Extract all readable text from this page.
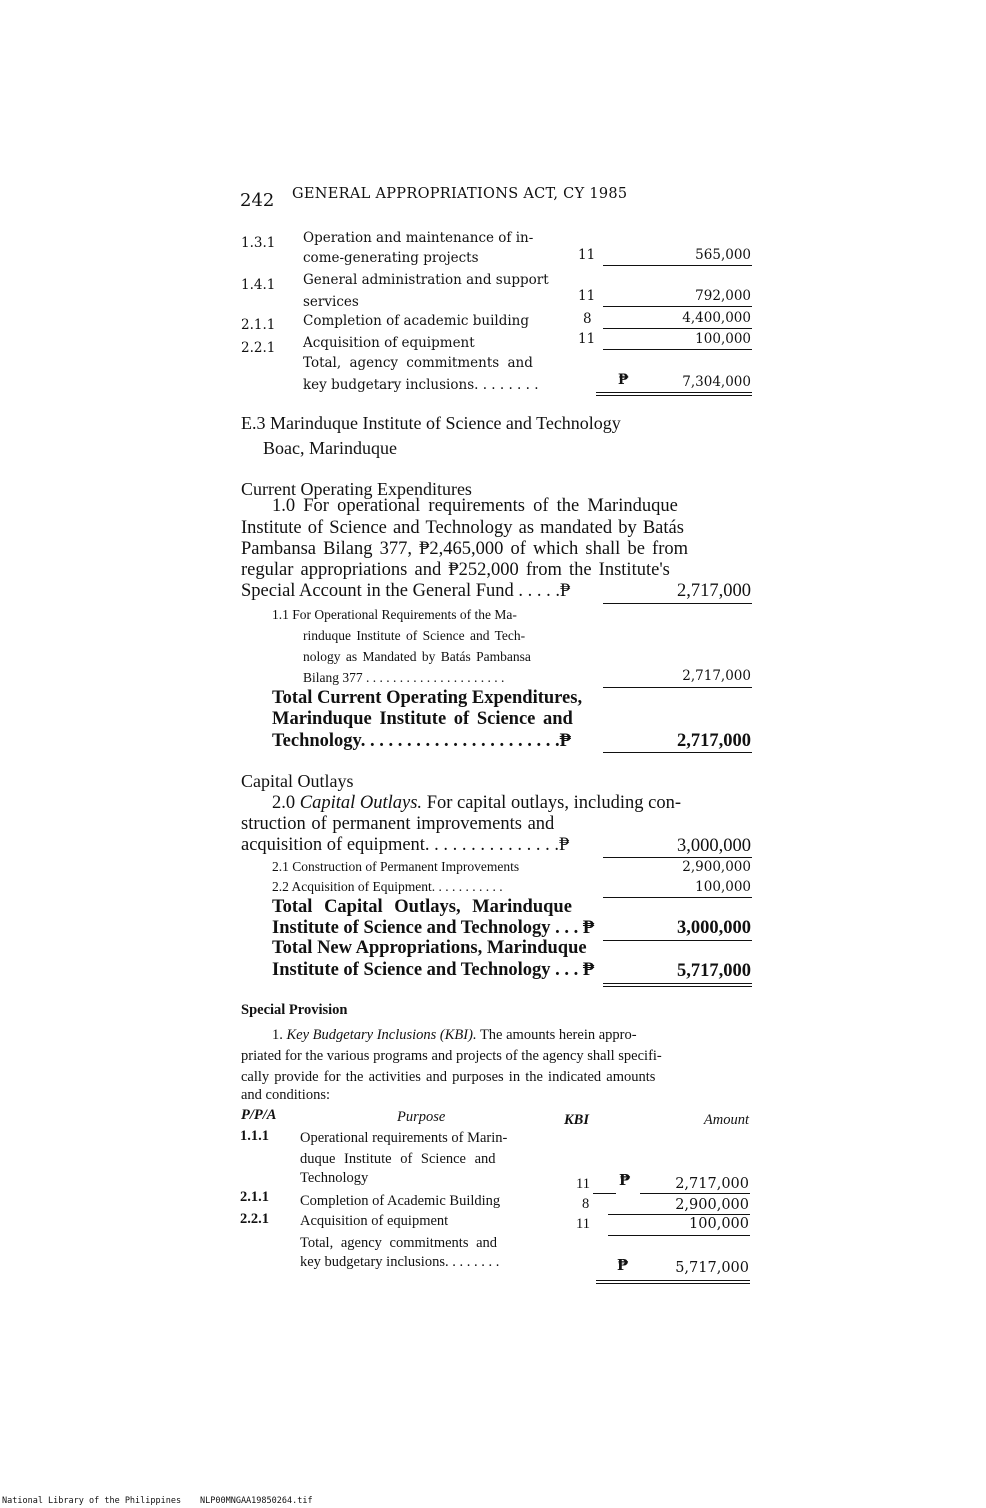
242 GENERAL APPROPRIATIONS ACT, CY 1985
1.3.1 Operation and maintenance of in-
come-generating projects	11	565,000
1.4.1 General administration and support
services	11	792,000
2.1.1 Completion of academic building	8	4,400,000
2.2.1 Acquisition of equipment	11	100,000
Total, agency commitments and
key budgetary inclusions. . . . . . . .	₱	7,304,000
E.3 Marinduque Institute of Science and Technology
Boac, Marinduque
Current Operating Expenditures
1.0 For operational requirements of the Marinduque
Institute of Science and Technology as mandated by Batás
Pambansa Bilang 377, ₱2,465,000 of which shall be from
regular appropriations and ₱252,000 from the Institute's
Special Account in the General Fund . . . . .₱	2,717,000
1.1 For Operational Requirements of the Ma-
rinduque Institute of Science and Tech-
nology as Mandated by Batás Pambansa
Bilang 377 . . . . . . . . . . . . . . . . . . . . .	2,717,000
Total Current Operating Expenditures,
Marinduque Institute of Science and
Technology. . . . . . . . . . . . . . . . . . . . . .₱	2,717,000
Capital Outlays
2.0 Capital Outlays. For capital outlays, including con-
struction of permanent improvements and
acquisition of equipment. . . . . . . . . . . . . . .₱	3,000,000
2.1 Construction of Permanent Improvements	2,900,000
2.2 Acquisition of Equipment. . . . . . . . . . .	100,000
Total Capital Outlays, Marinduque
Institute of Science and Technology . . . ₱	3,000,000
Total New Appropriations, Marinduque
Institute of Science and Technology . . . ₱	5,717,000
Special Provision
1. Key Budgetary Inclusions (KBI). The amounts herein appro-
priated for the various programs and projects of the agency shall specifi-
cally provide for the activities and purposes in the indicated amounts
and conditions:
P/P/A	Purpose	KBI	Amount
1.1.1 Operational requirements of Marin-
duque Institute of Science and
Technology	11 ₱	2,717,000
2.1.1 Completion of Academic Building	8	2,900,000
2.2.1 Acquisition of equipment	11	100,000
Total, agency commitments and
key budgetary inclusions. . . . . . . .	₱	5,717,000
National Library of the Philippines NLP00MNGAA19850264.tif
